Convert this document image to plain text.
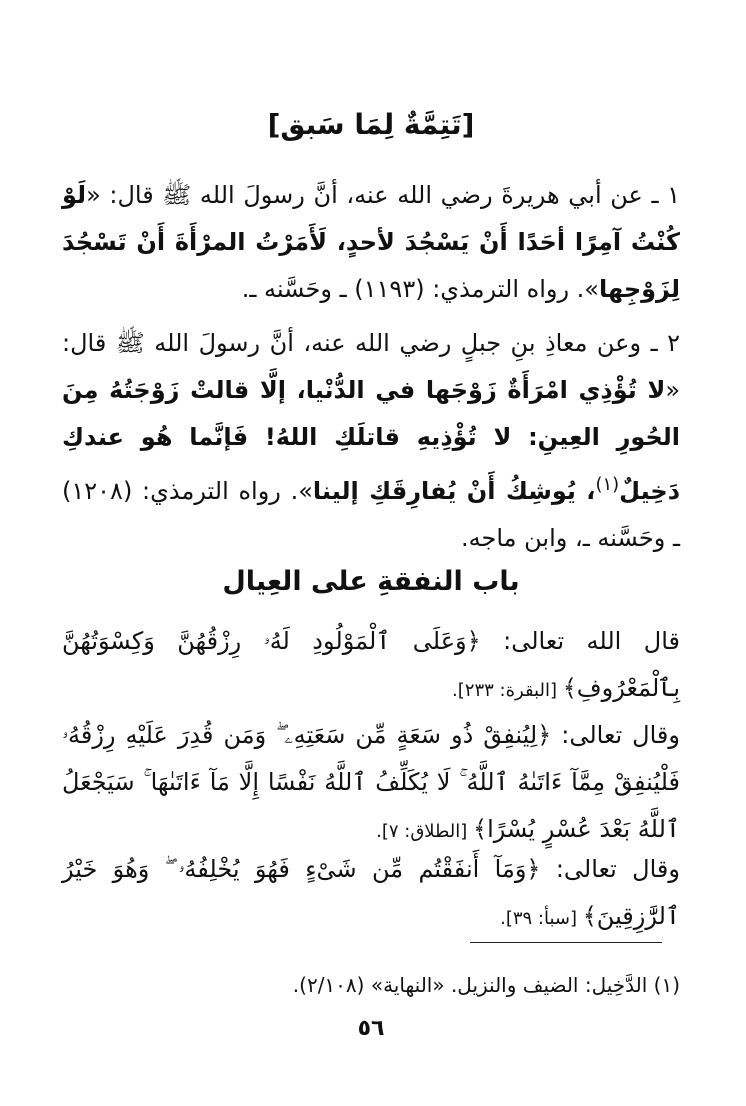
[تَتِمَّةٌ لِمَا سَبق]

١ ـ عن أبي هريرةَ رضي الله عنه، أنَّ رسولَ الله ﷺ قال: «لَوْ كُنْتُ آمِرًا أحَدًا أَنْ يَسْجُدَ لأحدٍ، لَأَمَرْتُ المرْأَةَ أَنْ تَسْجُدَ لِزَوْجِها». رواه الترمذي: (١١٩٣) ـ وحَسَّنه ـ.

٢ ـ وعن معاذِ بنِ جبلٍ رضي الله عنه، أنَّ رسولَ الله ﷺ قال: «لا تُؤْذِي امْرَأَةٌ زَوْجَها في الدُّنْيا، إلَّا قالتْ زَوْجَتُهُ مِنَ الحُورِ العِينِ: لا تُؤْذِيهِ قاتلَكِ اللهُ! فَإنَّما هُو عندكِ دَخِيلٌ$^{(١)}$، يُوشِكُ أَنْ يُفارِقَكِ إلينا». رواه الترمذي: (١٢٠٨) ـ وحَسَّنه ـ، وابن ماجه.

باب النفقةِ على العِيال

قال الله تعالى: ﴿وَعَلَى ٱلْمَوْلُودِ لَهُۥ رِزْقُهُنَّ وَكِسْوَتُهُنَّ بِٱلْمَعْرُوفِ﴾ [البقرة: ٢٣٣].

وقال تعالى: ﴿لِيُنفِقْ ذُو سَعَةٍ مِّن سَعَتِهِۦ ۖ وَمَن قُدِرَ عَلَيْهِ رِزْقُهُۥ فَلْيُنفِقْ مِمَّآ ءَاتَىٰهُ ٱللَّهُ ۚ لَا يُكَلِّفُ ٱللَّهُ نَفْسًا إِلَّا مَآ ءَاتَىٰهَا ۚ سَيَجْعَلُ ٱللَّهُ بَعْدَ عُسْرٍ يُسْرًا﴾ [الطلاق: ٧].

وقال تعالى: ﴿وَمَآ أَنفَقْتُم مِّن شَىْءٍ فَهُوَ يُخْلِفُهُۥ ۖ وَهُوَ خَيْرُ ٱلرَّٰزِقِينَ﴾ [سبأ: ٣٩].

(١) الدَّخِيل: الضيف والنزيل. «النهاية» (٢/١٠٨).

٥٦
